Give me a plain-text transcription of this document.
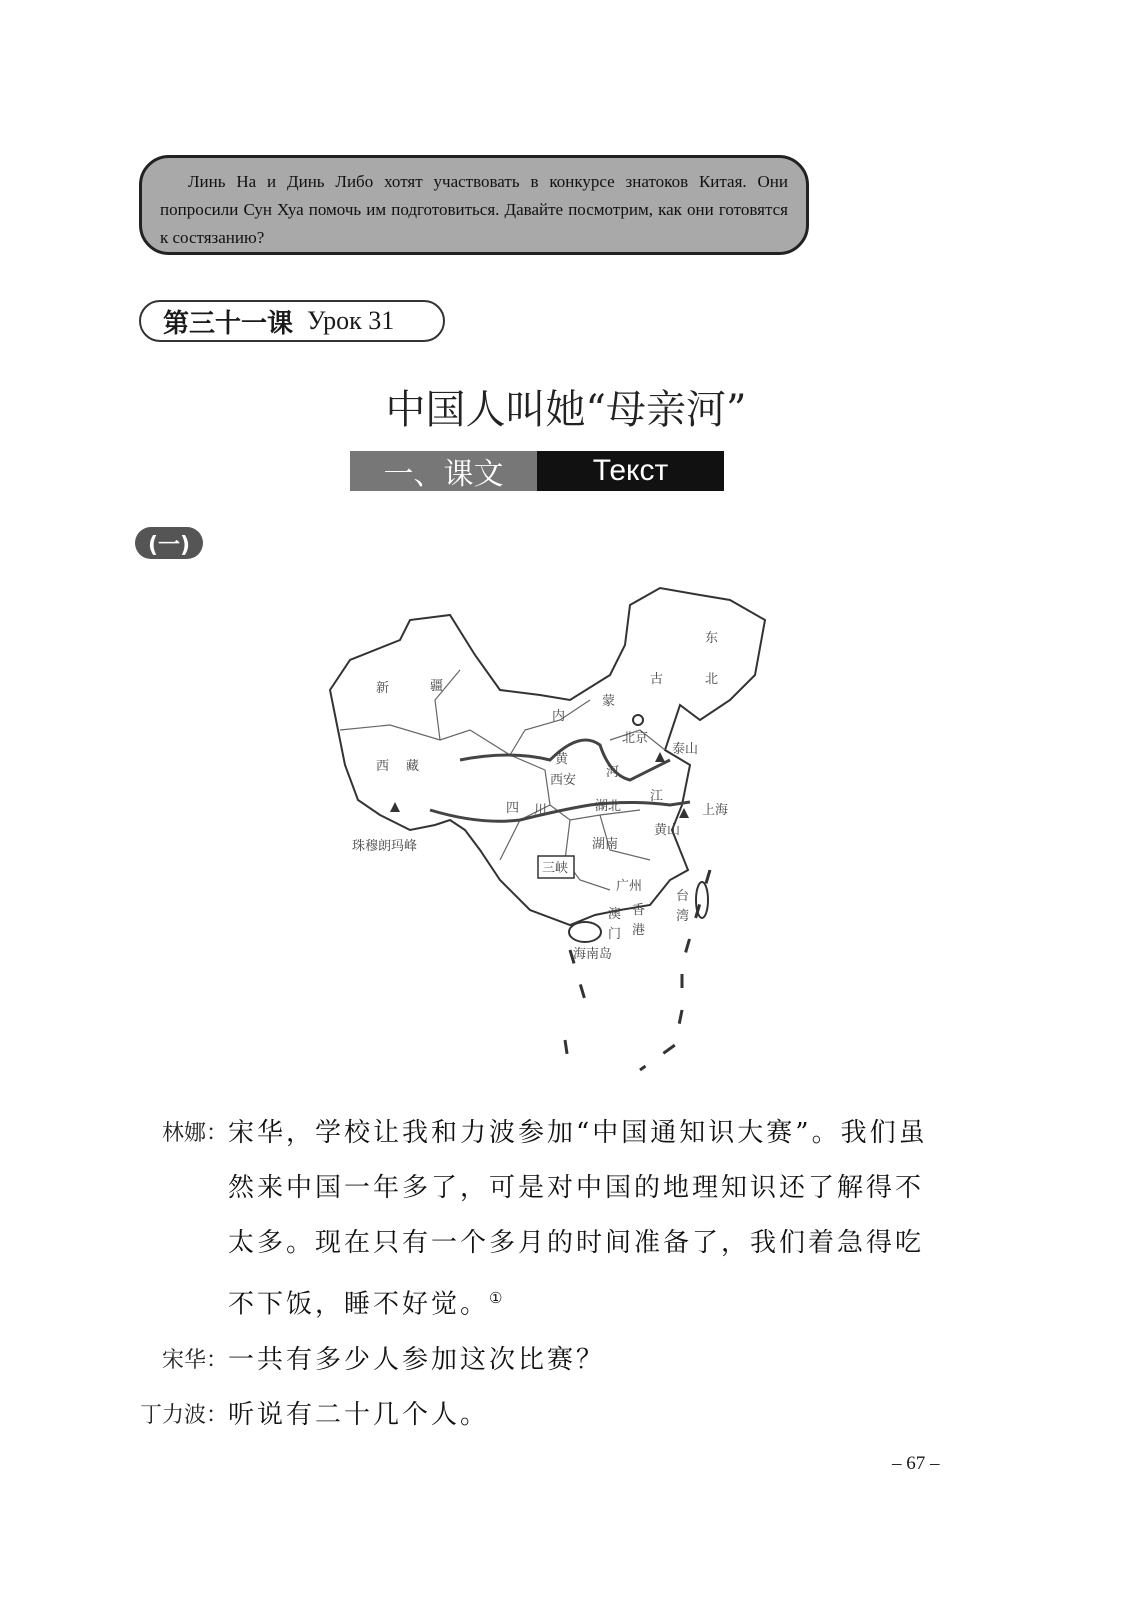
Линь На и Динь Либо хотят участвовать в конкурсе знатоков Китая. Они попросили Сун Хуа помочь им подготовиться. Давайте посмотрим, как они готовятся к состязанию?

第三十一课 Урок 31
中国人叫她“母亲河”
一、课文	Текст
(一)
新	疆
西 藏
内
蒙
古
东
北
北京
泰山
黄
河
西安
四 川	湖北
江
上海
黄山
湖南
三峡
珠穆朗玛峰
广州
台
湾
澳
门
香
港
海南岛
林娜： 宋华，学校让我和力波参加“中国通知识大赛”。我们虽然来中国一年多了，可是对中国的地理知识还了解得不太多。现在只有一个多月的时间准备了，我们着急得吃不下饭，睡不好觉。①
宋华： 一共有多少人参加这次比赛？
丁力波： 听说有二十几个人。
– 67 –
